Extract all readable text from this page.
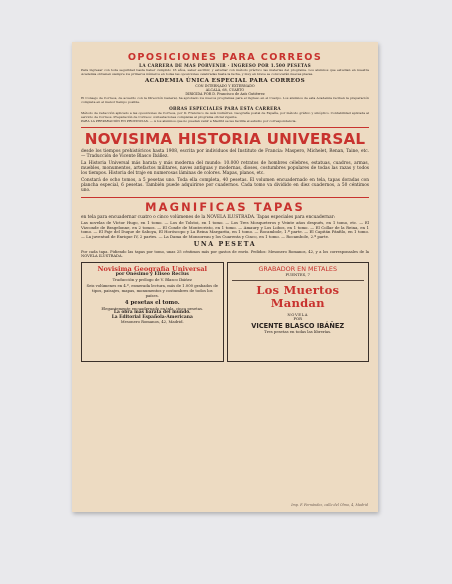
OPOSICIONES PARA CORREOS
LA CARRERA DE MAS PORVENIR · INGRESO POR 1.500 PESETAS
Para ingresar con toda seguridad basta haber cumplido 16 años, saber escribir, y estudiar con método práctico las materias del programa. Los alumnos que estudian en nuestra Academia obtienen siempre los primeros números en todas las oposiciones celebradas hasta la fecha, y muy en breve se convocarán nuevas plazas.
ACADEMIA ÚNICA ESPECIAL PARA CORREOS
CON INTERNADO Y EXTERNADO
ALCALÁ, 68, CUARTO
DIRIGIDA POR D. Francisco de Asís Gutiérrez
El Consejo de Correos, de acuerdo con la Dirección General, ha aprobado los nuevos programas para el ingreso en el Cuerpo. Los alumnos de esta Academia reciben la preparación completa en el menor tiempo posible.
OBRAS ESPECIALES PARA ESTA CARRERA
Método de redacción aplicado a las oposiciones de Correos, por D. Francisco de Asís Gutiérrez. Geografía postal de España, por método gráfico y sinóptico. Contabilidad aplicada al servicio de Correos. Preparación de Correos: contestaciones completas al programa oficial vigente.
PARA LA PREPARACIÓN EN PROVINCIAS. — A los alumnos que no puedan venir a Madrid se les facilita el estudio por correspondencia.
NOVISIMA HISTORIA UNIVERSAL
desde los tiempos prehistóricos hasta 1908, escrita por individuos del Instituto de Francia: Maspero, Michelet, Renan, Taine, etc. — Traducción de Vicente Blasco Ibáñez.
La Historia Universal más barata y más moderna del mundo: 10.000 retratos de hombres célebres, estatuas, cuadros, armas, muebles, monumentos, artefactos militares, naves antiguas y modernas, dioses, costumbres populares de todas las razas y todos los tiempos. Historia del traje en numerosas láminas de colores. Mapas, planos, etc.
Constará de ocho tomos, a 5 pesetas uno. Toda ella completa, 40 pesetas. El volumen encuadernado en tela, tapas doradas con plancha especial, 6 pesetas. También puede adquirirse por cuadernos. Cada tomo va dividido en diez cuadernos, a 50 céntimos uno.
MAGNIFICAS TAPAS
en tela para encuadernar cuatro o cinco volúmenes de la NOVELA ILUSTRADA. Tapas especiales para encuadernar:
Las novelas de Víctor Hugo, en 1 tomo. — Los de Tolstoi, en 1 tomo. — Los Tres Mosqueteros y Veinte años después, en 1 tomo, etc. — El Vizconde de Bragelonne, en 2 tomos. — El Conde de Montecristo, en 1 tomo. — Amaury y Los Lobos, en 1 tomo. — El Collar de la Reina, en 1 tomo. — El Paje del Duque de Saboya, El Horóscopo y La Reina Margarita, en 1 tomo. — Rocambole, 1.ª parte. — El Capitán Pánfilo, en 1 tomo. — La juventud de Enrique IV, 2 partes. — La Dama de Monsoreau y los Cuarenta y Cinco, en 1 tomo. — Rocambole, 2.ª parte.
UNA PESETA
Por cada tapa. Pidiendo las tapas por tomo, unas 25 céntimos más por gastos de envío. Pedidos: Mesonero Romanos, 42, y a los corresponsales de la NOVELA ILUSTRADA.
Novisima Geografia Universal
por Onésimo y Eliseo Reclus
Traducción y prólogo de V. Blasco Ibáñez
Seis volúmenes en 4.º, esmerada lectura, más de 1.000 grabados de tipos, paisajes, mapas, monumentos y costumbres de todos los países.
4 pesetas el tomo.
Elegantemente encuadernado en tela, cinco pesetas.
La obra más barata del mundo.
La Editorial Española-Americana
Mesonero Romanos, 42, Madrid.
GRABADOR EN METALES
PUENTES, 7
Los Muertos Mandan
NOVELA
POR
VICENTE BLASCO IBÁÑEZ
Tres pesetas en todas las librerías.
Imp. F. Fernández, calle del Olmo, 4, Madrid
